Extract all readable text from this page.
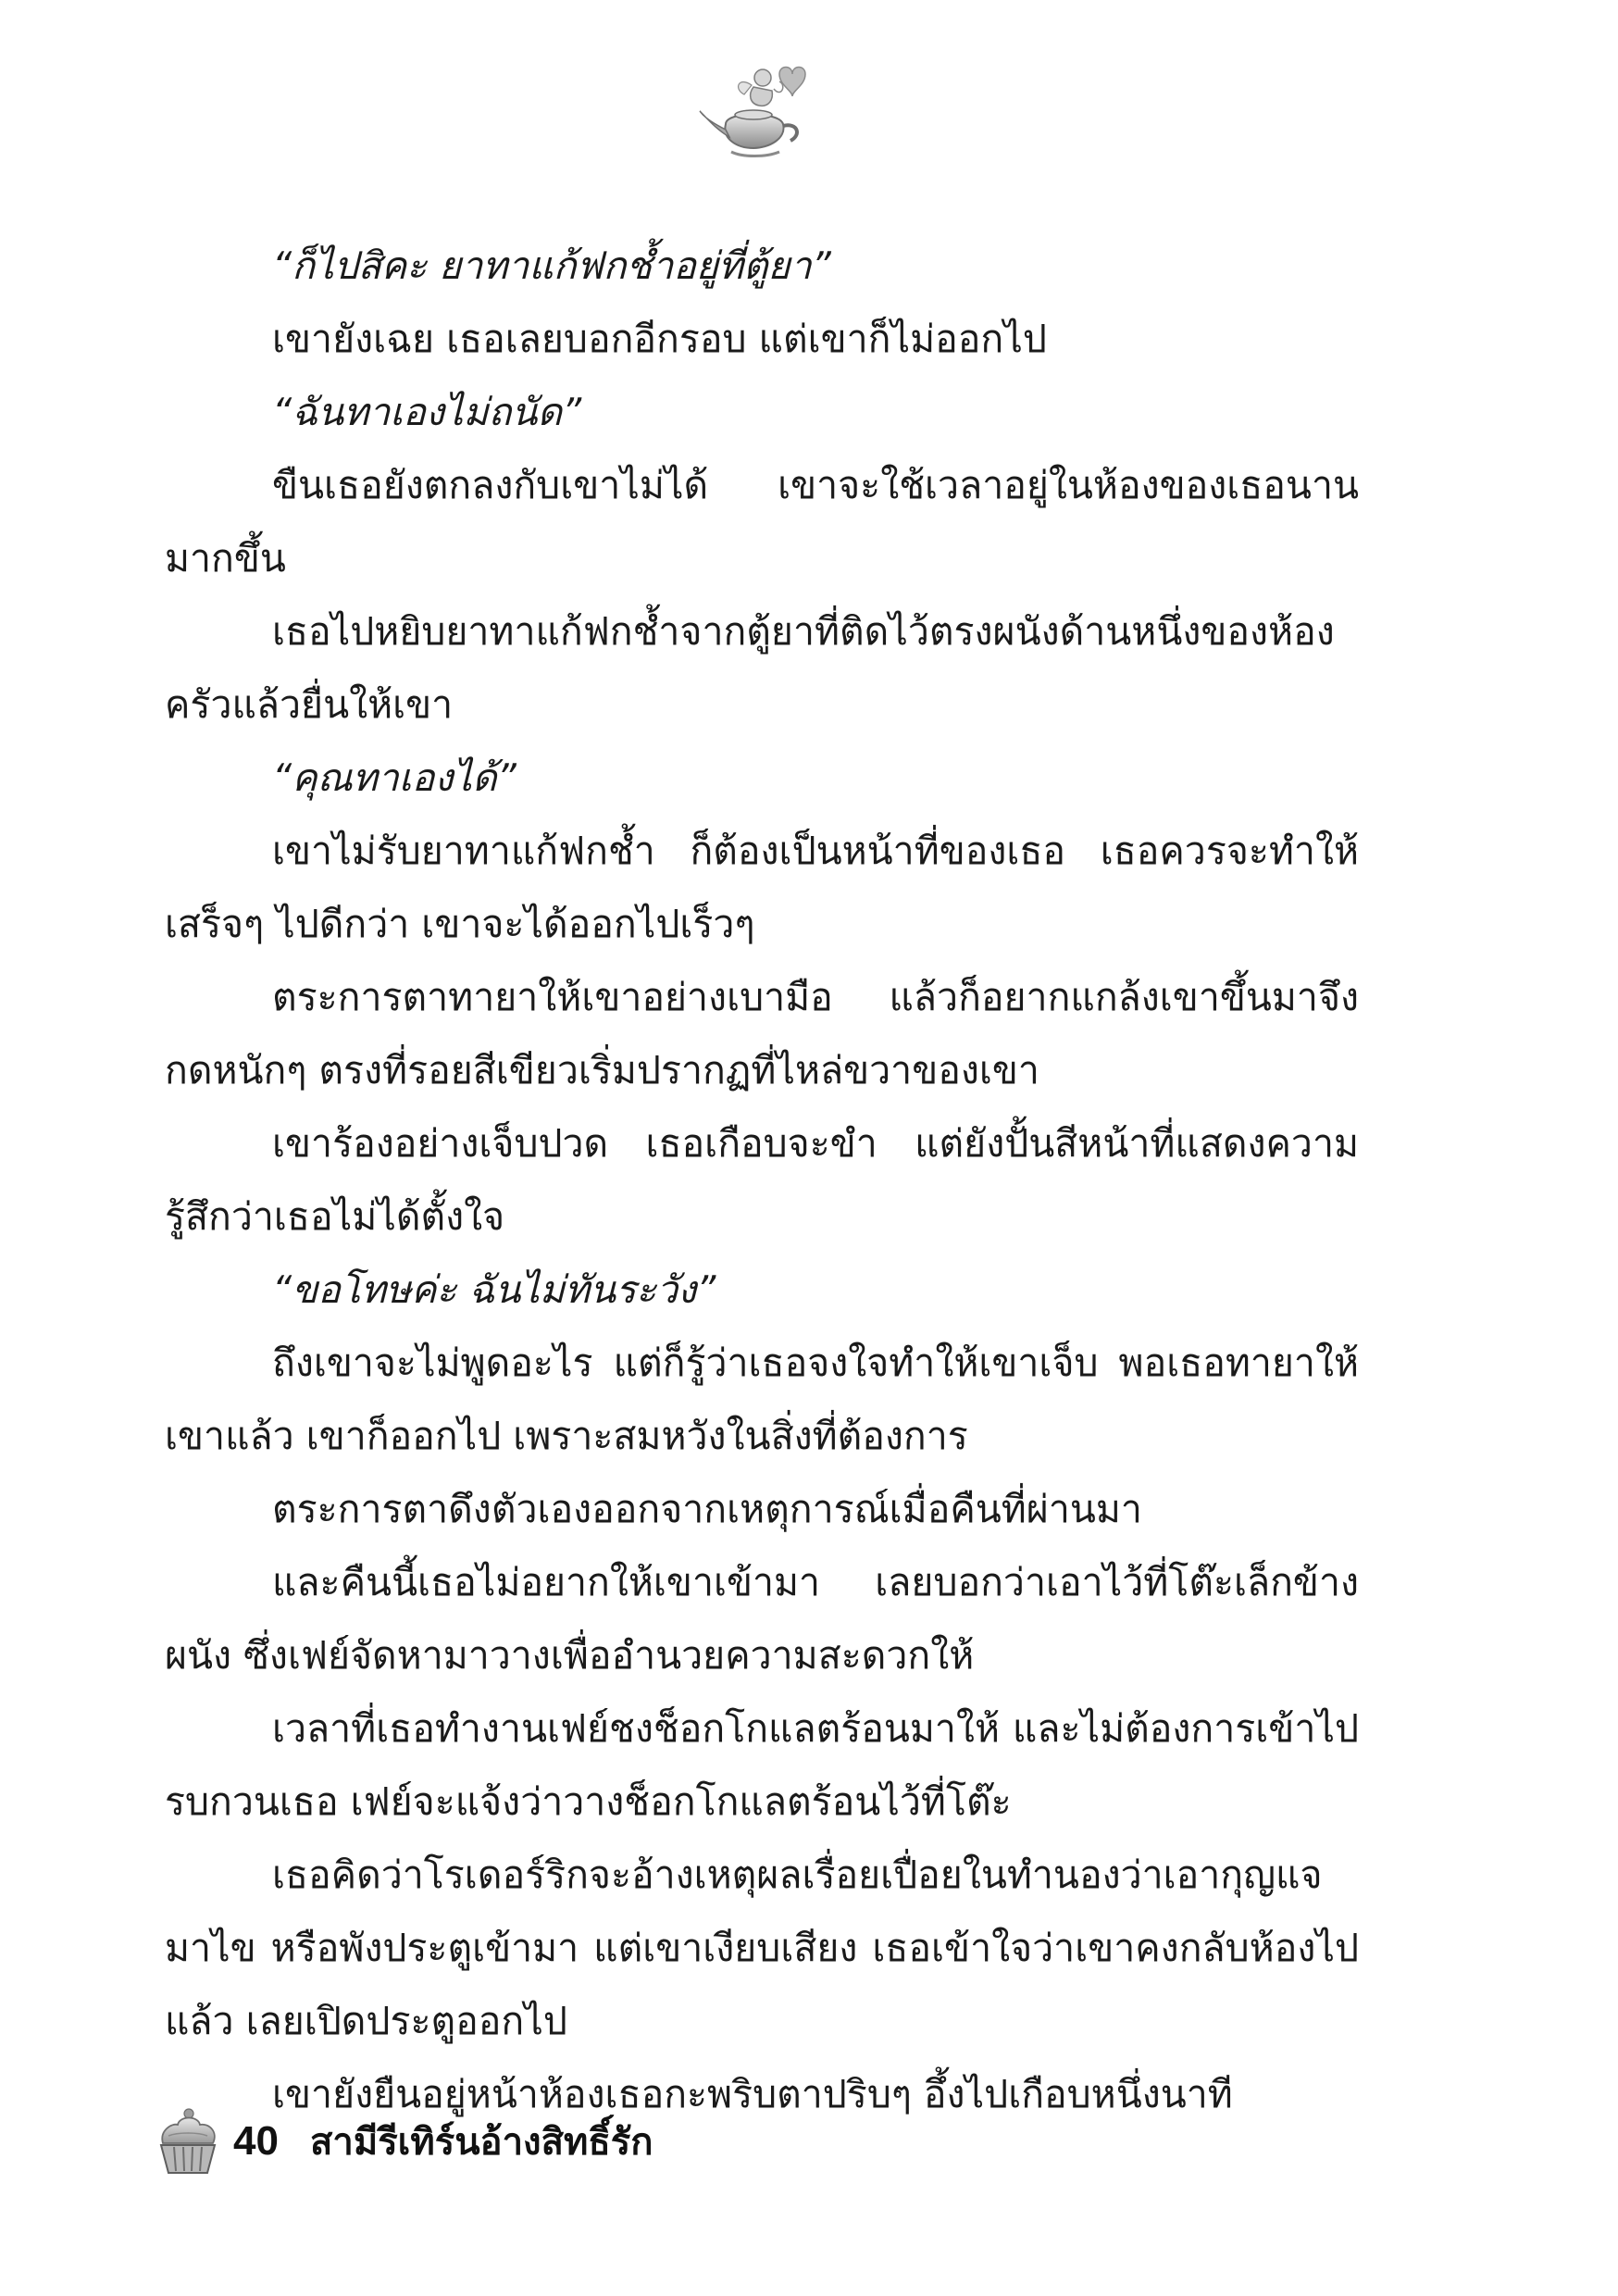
“ก็ไปสิคะ ยาทาแก้ฟกช้ำอยู่ที่ตู้ยา”

เขายังเฉย เธอเลยบอกอีกรอบ แต่เขาก็ไม่ออกไป

“ฉันทาเองไม่ถนัด”

ขืนเธอยังตกลงกับเขาไม่ได้ เขาจะใช้เวลาอยู่ในห้องของเธอนานมากขึ้น

เธอไปหยิบยาทาแก้ฟกช้ำจากตู้ยาที่ติดไว้ตรงผนังด้านหนึ่งของห้องครัวแล้วยื่นให้เขา

“คุณทาเองได้”

เขาไม่รับยาทาแก้ฟกช้ำ ก็ต้องเป็นหน้าที่ของเธอ เธอควรจะทำให้เสร็จๆ ไปดีกว่า เขาจะได้ออกไปเร็วๆ

ตระการตาทายาให้เขาอย่างเบามือ แล้วก็อยากแกล้งเขาขึ้นมาจึงกดหนักๆ ตรงที่รอยสีเขียวเริ่มปรากฏที่ไหล่ขวาของเขา

เขาร้องอย่างเจ็บปวด เธอเกือบจะขำ แต่ยังปั้นสีหน้าที่แสดงความรู้สึกว่าเธอไม่ได้ตั้งใจ

“ขอโทษค่ะ ฉันไม่ทันระวัง”

ถึงเขาจะไม่พูดอะไร แต่ก็รู้ว่าเธอจงใจทำให้เขาเจ็บ พอเธอทายาให้เขาแล้ว เขาก็ออกไป เพราะสมหวังในสิ่งที่ต้องการ

ตระการตาดึงตัวเองออกจากเหตุการณ์เมื่อคืนที่ผ่านมา

และคืนนี้เธอไม่อยากให้เขาเข้ามา เลยบอกว่าเอาไว้ที่โต๊ะเล็กข้างผนัง ซึ่งเฟย์จัดหามาวางเพื่ออำนวยความสะดวกให้

เวลาที่เธอทำงานเฟย์ชงช็อกโกแลตร้อนมาให้ และไม่ต้องการเข้าไปรบกวนเธอ เฟย์จะแจ้งว่าวางช็อกโกแลตร้อนไว้ที่โต๊ะ

เธอคิดว่าโรเดอร์ริกจะอ้างเหตุผลเรื่อยเปื่อยในทำนองว่าเอากุญแจมาไข หรือพังประตูเข้ามา แต่เขาเงียบเสียง เธอเข้าใจว่าเขาคงกลับห้องไปแล้ว เลยเปิดประตูออกไป

เขายังยืนอยู่หน้าห้องเธอกะพริบตาปริบๆ อึ้งไปเกือบหนึ่งนาที

40 สามีรีเทิร์นอ้างสิทธิ์รัก
